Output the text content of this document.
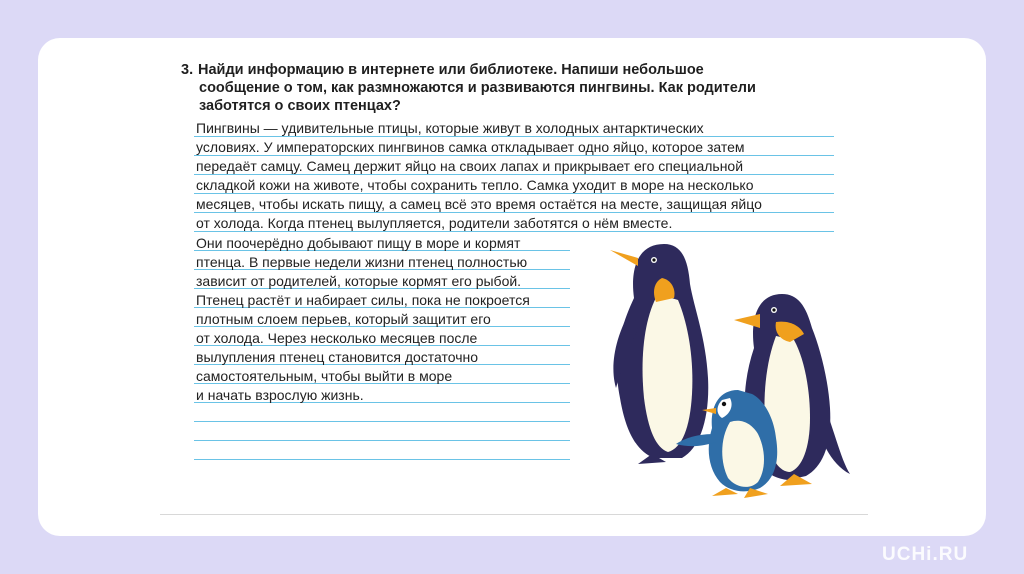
3. Найди информацию в интернете или библиотеке. Напиши небольшое
сообщение о том, как размножаются и развиваются пингвины. Как родители
заботятся о своих птенцах?
Пингвины — удивительные птицы, которые живут в холодных антарктических
условиях. У императорских пингвинов самка откладывает одно яйцо, которое затем
передаёт самцу. Самец держит яйцо на своих лапах и прикрывает его специальной
складкой кожи на животе, чтобы сохранить тепло. Самка уходит в море на несколько
месяцев, чтобы искать пищу, а самец всё это время остаётся на месте, защищая яйцо
от холода. Когда птенец вылупляется, родители заботятся о нём вместе.
Они поочерёдно добывают пищу в море и кормят
птенца. В первые недели жизни птенец полностью
зависит от родителей, которые кормят его рыбой.
Птенец растёт и набирает силы, пока не покроется
плотным слоем перьев, который защитит его
от холода. Через несколько месяцев после
вылупления птенец становится достаточно
самостоятельным, чтобы выйти в море
и начать взрослую жизнь.
UCHi.RU
